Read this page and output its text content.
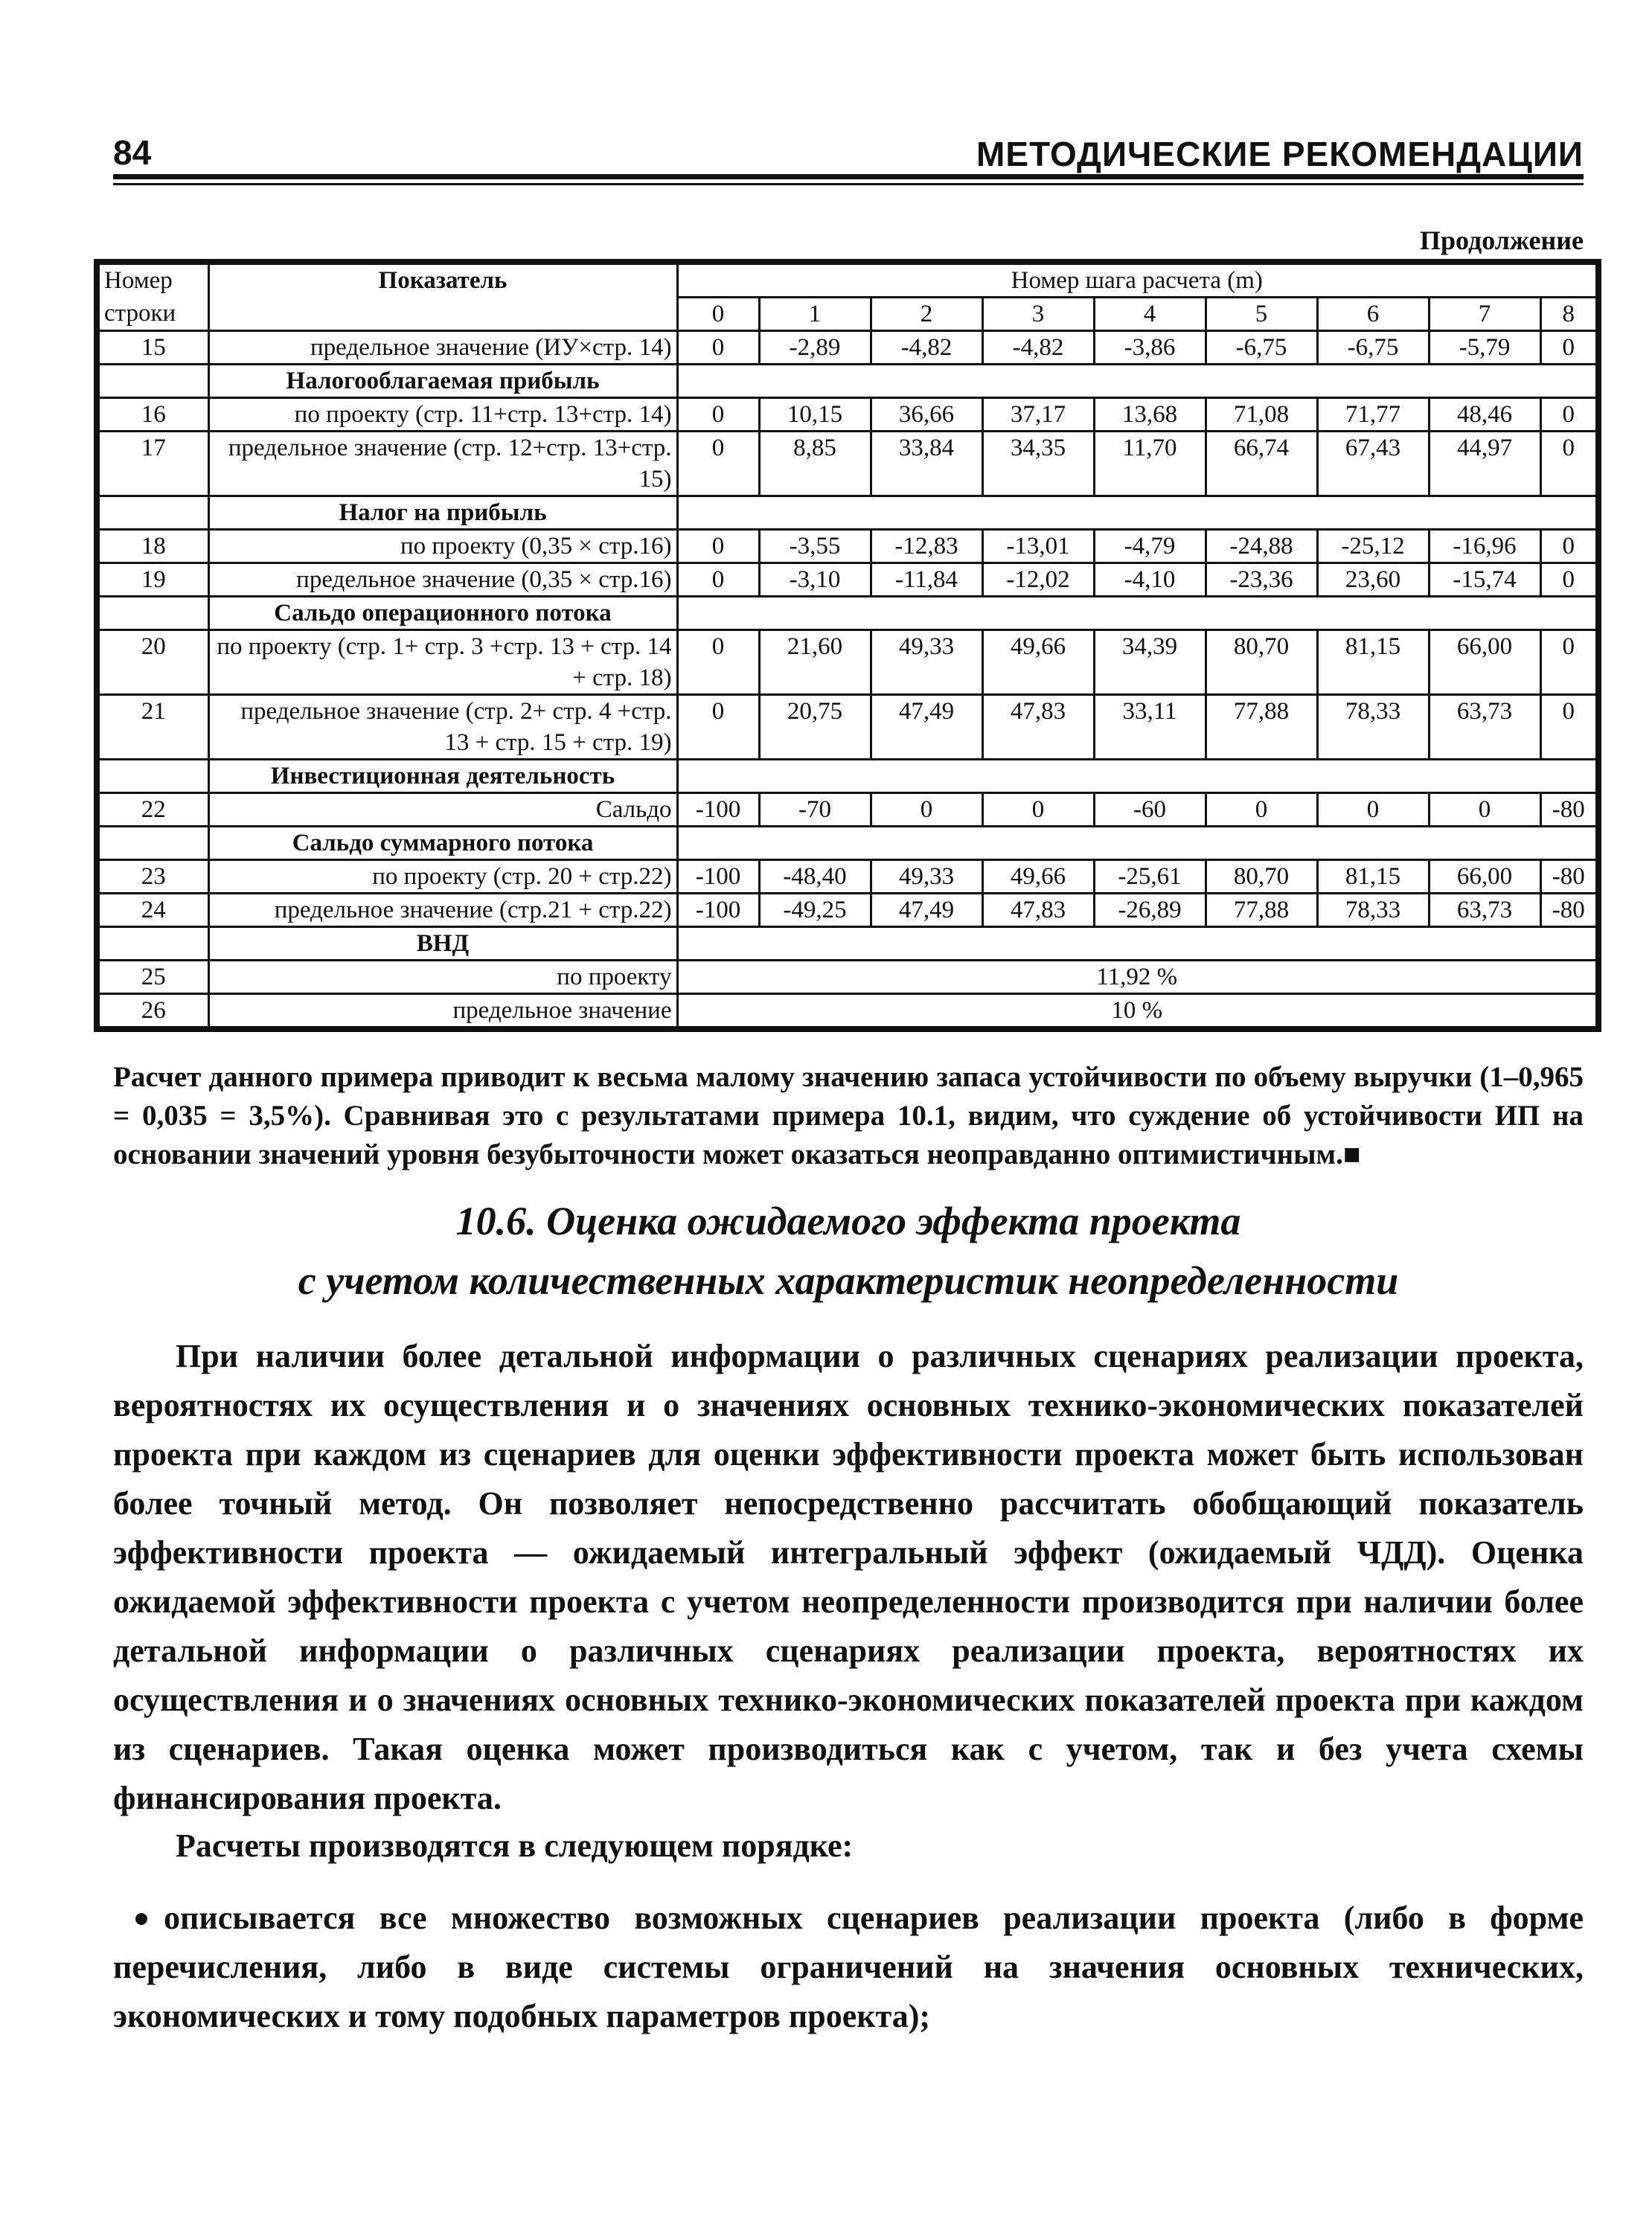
84	МЕТОДИЧЕСКИЕ РЕКОМЕНДАЦИИ
Продолжение
Номер	Показатель	Номер шага расчета (m)								
строки		0	1	2	3	4	5	6	7	8
15	предельное значение (ИУ×стр. 14)	0	-2,89	-4,82	-4,82	-3,86	-6,75	-6,75	-5,79	0
	Налогооблагаемая прибыль									
16	по проекту (стр. 11+стр. 13+стр. 14)	0	10,15	36,66	37,17	13,68	71,08	71,77	48,46	0
17	предельное значение (стр. 12+стр. 13+стр. 15)	0	8,85	33,84	34,35	11,70	66,74	67,43	44,97	0
	Налог на прибыль									
18	по проекту (0,35 × стр.16)	0	-3,55	-12,83	-13,01	-4,79	-24,88	-25,12	-16,96	0
19	предельное значение (0,35 × стр.16)	0	-3,10	-11,84	-12,02	-4,10	-23,36	23,60	-15,74	0
	Сальдо операционного потока									
20	по проекту (стр. 1+ стр. 3 +стр. 13 + стр. 14 + стр. 18)	0	21,60	49,33	49,66	34,39	80,70	81,15	66,00	0
21	предельное значение (стр. 2+ стр. 4 +стр. 13 + стр. 15 + стр. 19)	0	20,75	47,49	47,83	33,11	77,88	78,33	63,73	0
	Инвестиционная деятельность									
22	Сальдо	-100	-70	0	0	-60	0	0	0	-80
	Сальдо суммарного потока									
23	по проекту (стр. 20 + стр.22)	-100	-48,40	49,33	49,66	-25,61	80,70	81,15	66,00	-80
24	предельное значение (стр.21 + стр.22)	-100	-49,25	47,49	47,83	-26,89	77,88	78,33	63,73	-80
	ВНД									
25	по проекту	11,92 %								
26	предельное значение	10 %								
Расчет данного примера приводит к весьма малому значению запаса устойчивости по объему выручки (1–0,965 = 0,035 = 3,5%). Сравнивая это с результатами примера 10.1, видим, что суждение об устойчивости ИП на основании значений уровня безубыточности может оказаться неоправданно оптимистичным.■
10.6. Оценка ожидаемого эффекта проекта
с учетом количественных характеристик неопределенности
При наличии более детальной информации о различных сценариях реализации проекта, вероятностях их осуществления и о значениях основных технико-экономических показателей проекта при каждом из сценариев для оценки эффективности проекта может быть использован более точный метод. Он позволяет непосредственно рассчитать обобщающий показатель эффективности проекта — ожидаемый интегральный эффект (ожидаемый ЧДД). Оценка ожидаемой эффективности проекта с учетом неопределенности производится при наличии более детальной информации о различных сценариях реализации проекта, вероятностях их осуществления и о значениях основных технико-экономических показателей проекта при каждом из сценариев. Такая оценка может производиться как с учетом, так и без учета схемы финансирования проекта.
Расчеты производятся в следующем порядке:
описывается все множество возможных сценариев реализации проекта (либо в форме перечисления, либо в виде системы ограничений на значения основных технических, экономических и тому подобных параметров проекта);
